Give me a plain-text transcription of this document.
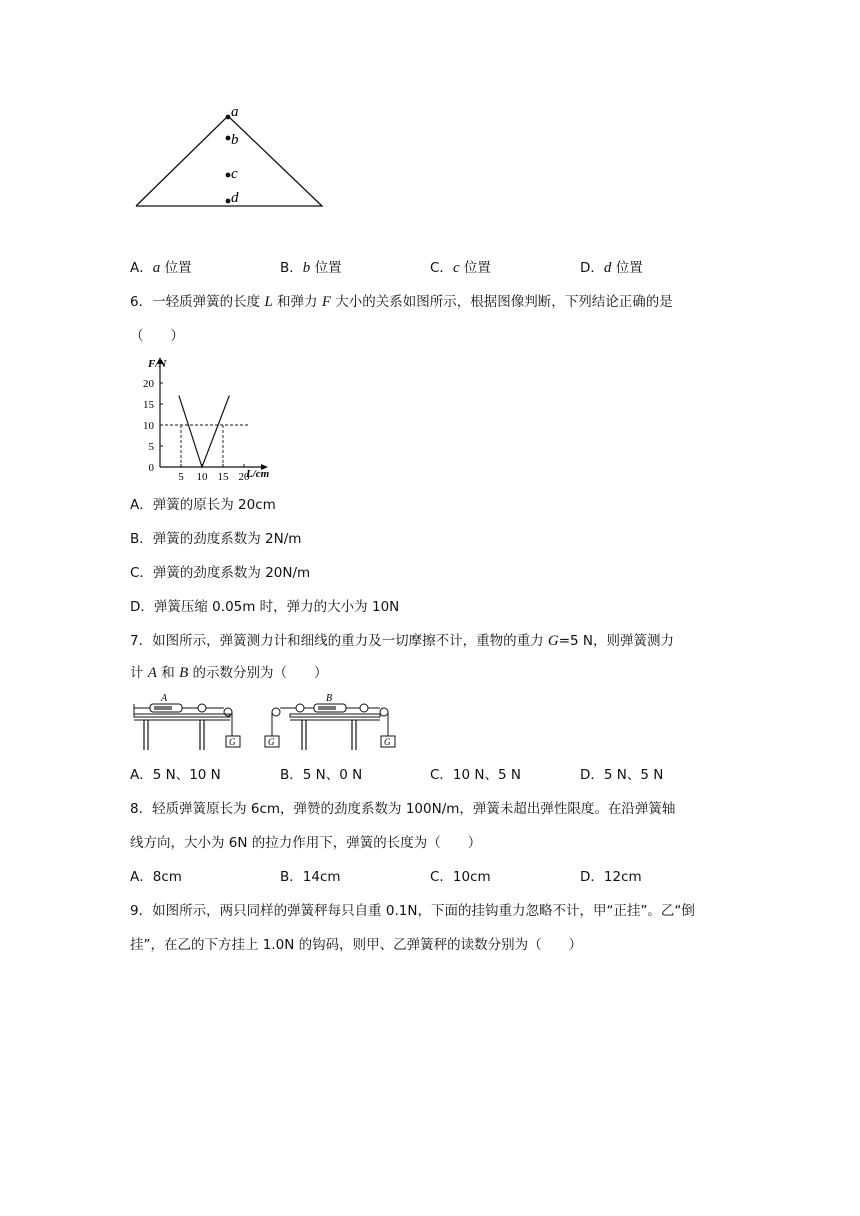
a
b
c
d
A．a 位置	B．b 位置	C．c 位置	D．d 位置
6．一轻质弹簧的长度 L 和弹力 F 大小的关系如图所示，根据图像判断，下列结论正确的是
（　　）
F/N
L/cm
0
5
10
15
20
5 10 15 20
A．弹簧的原长为 20cm
B．弹簧的劲度系数为 2N/m
C．弹簧的劲度系数为 20N/m
D．弹簧压缩 0.05m 时，弹力的大小为 10N
7．如图所示，弹簧测力计和细线的重力及一切摩擦不计，重物的重力 G=5 N，则弹簧测力
计 A 和 B 的示数分别为（　　）
A
G
B
G	G
A．5 N、10 N	B．5 N、0 N	C．10 N、5 N	D．5 N、5 N
8．轻质弹簧原长为 6cm，弹赞的劲度系数为 100N/m，弹簧未超出弹性限度。在沿弹簧轴
线方向，大小为 6N 的拉力作用下，弹簧的长度为（　　）
A．8cm	B．14cm	C．10cm	D．12cm
9．如图所示，两只同样的弹簧秤每只自重 0.1N，下面的挂钩重力忽略不计，甲“正挂”。乙“倒
挂”，在乙的下方挂上 1.0N 的钩码，则甲、乙弹簧秤的读数分别为（　　）
